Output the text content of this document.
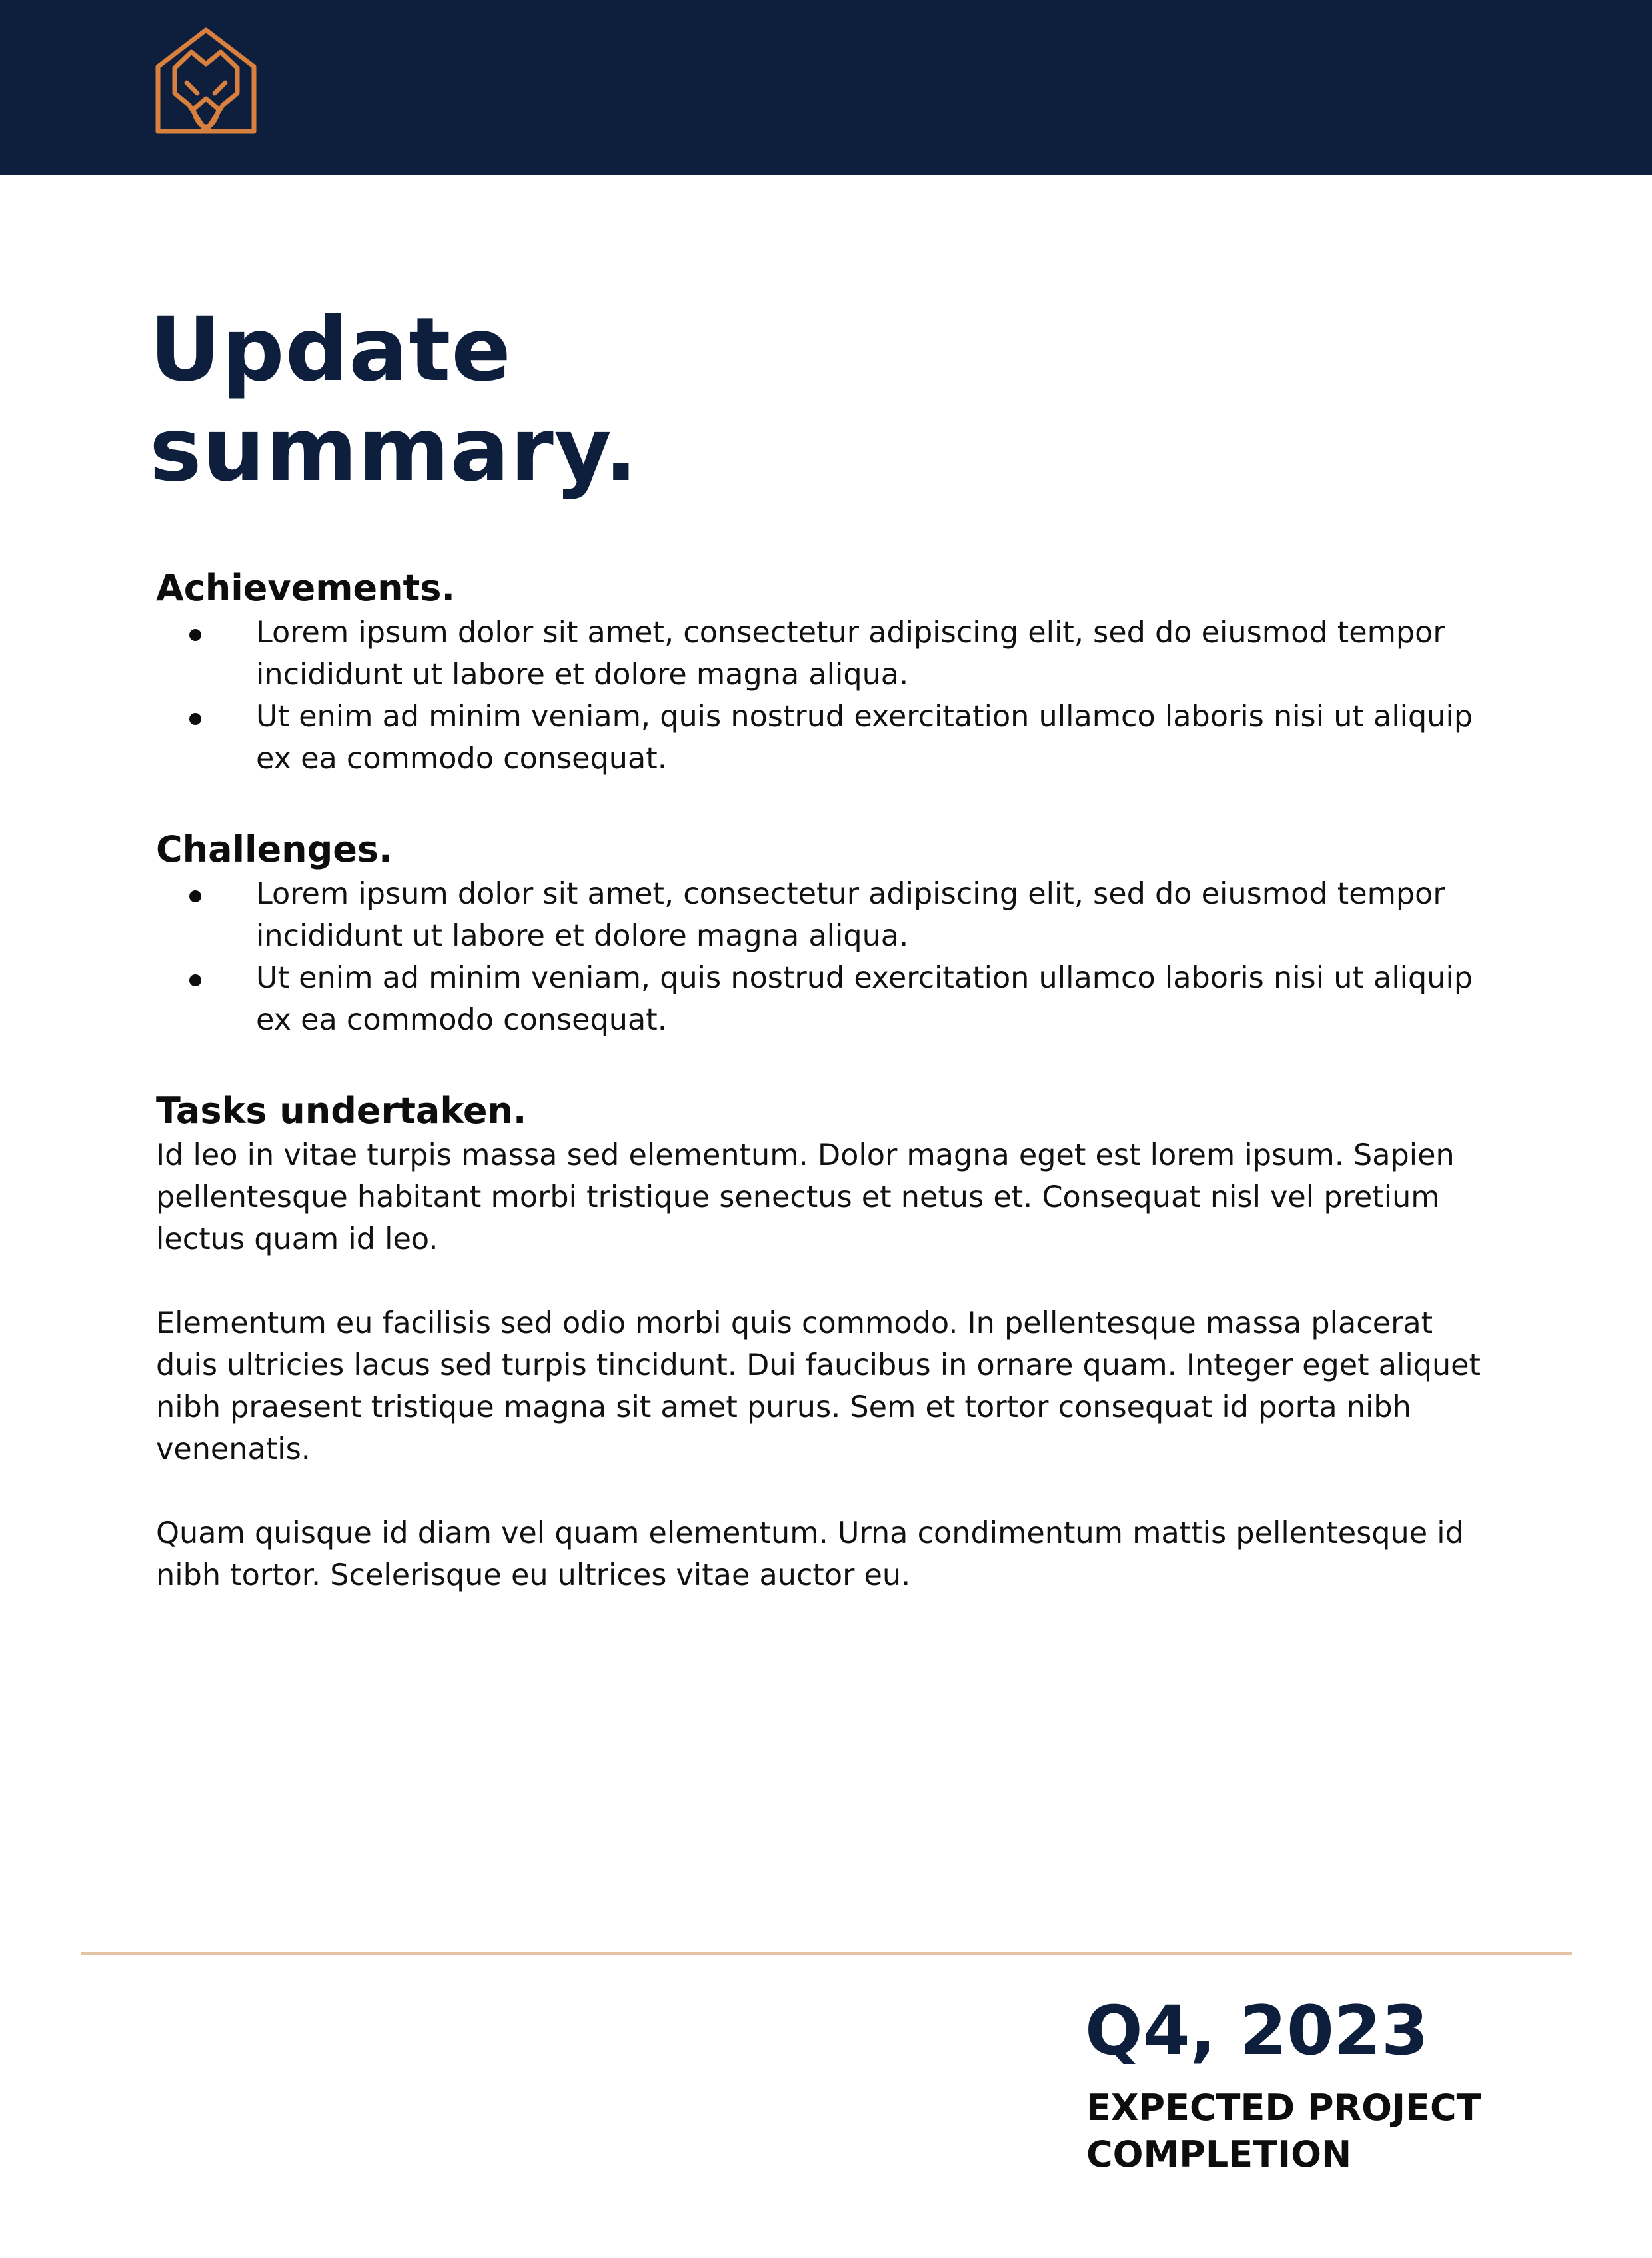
Update
summary.
Achievements.
Lorem ipsum dolor sit amet, consectetur adipiscing elit, sed do eiusmod tempor incididunt ut labore et dolore magna aliqua.
Ut enim ad minim veniam, quis nostrud exercitation ullamco laboris nisi ut aliquip ex ea commodo consequat.
Challenges.
Lorem ipsum dolor sit amet, consectetur adipiscing elit, sed do eiusmod tempor incididunt ut labore et dolore magna aliqua.
Ut enim ad minim veniam, quis nostrud exercitation ullamco laboris nisi ut aliquip ex ea commodo consequat.
Tasks undertaken.

Id leo in vitae turpis massa sed elementum. Dolor magna eget est lorem ipsum. Sapien pellentesque habitant morbi tristique senectus et netus et. Consequat nisl vel pretium lectus quam id leo.

Elementum eu facilisis sed odio morbi quis commodo. In pellentesque massa placerat duis ultricies lacus sed turpis tincidunt. Dui faucibus in ornare quam. Integer eget aliquet nibh praesent tristique magna sit amet purus. Sem et tortor consequat id porta nibh venenatis.

Quam quisque id diam vel quam elementum. Urna condimentum mattis pellentesque id nibh tortor. Scelerisque eu ultrices vitae auctor eu.

Q4, 2023
EXPECTED PROJECT
COMPLETION
